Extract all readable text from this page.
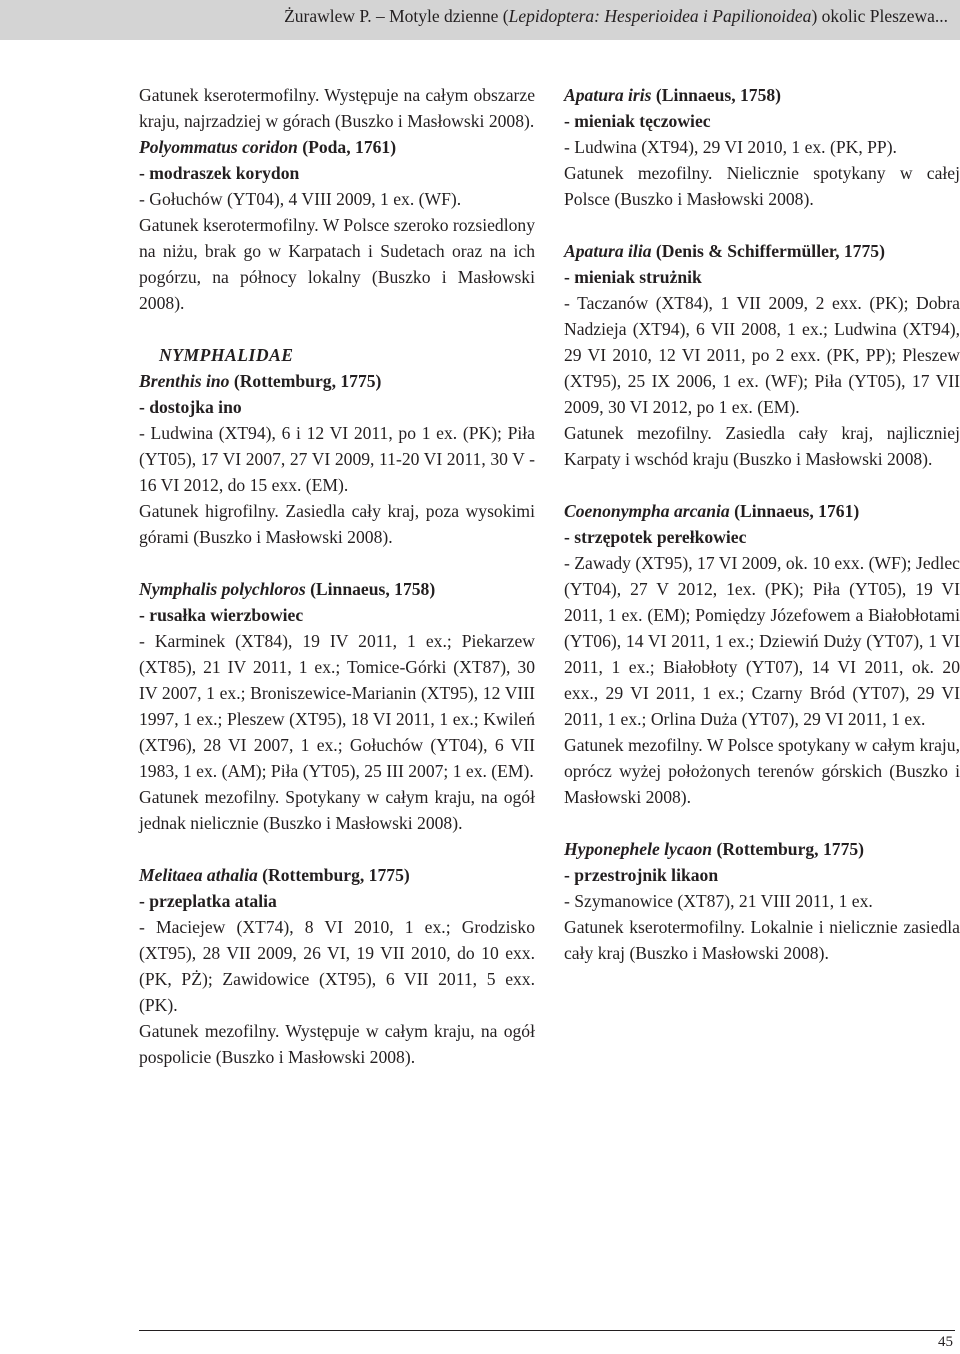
Żurawlew P. – Motyle dzienne (Lepidoptera: Hesperioidea i Papilionoidea) okolic Pleszewa...

Gatunek kserotermofilny. Występuje na całym obszarze kraju, najrzadziej w górach (Buszko i Masłowski 2008).

Polyommatus coridon (Poda, 1761)

- modraszek korydon

- Gołuchów (YT04), 4 VIII 2009, 1 ex. (WF).

Gatunek kserotermofilny. W Polsce szeroko rozsiedlony na niżu, brak go w Karpatach i Sudetach oraz na ich pogórzu, na północy lokalny (Buszko i Masłowski 2008).

NYMPHALIDAE

Brenthis ino (Rottemburg, 1775)

- dostojka ino

- Ludwina (XT94), 6 i 12 VI 2011, po 1 ex. (PK); Piła (YT05), 17 VI 2007, 27 VI 2009, 11-20 VI 2011, 30 V - 16 VI 2012, do 15 exx. (EM).

Gatunek higrofilny. Zasiedla cały kraj, poza wysokimi górami (Buszko i Masłowski 2008).

Nymphalis polychloros (Linnaeus, 1758)

- rusałka wierzbowiec

- Karminek (XT84), 19 IV 2011, 1 ex.; Piekarzew (XT85), 21 IV 2011, 1 ex.; Tomice-Górki (XT87), 30 IV 2007, 1 ex.; Broniszewice-Marianin (XT95), 12 VIII 1997, 1 ex.; Pleszew (XT95), 18 VI 2011, 1 ex.; Kwileń (XT96), 28 VI 2007, 1 ex.; Gołuchów (YT04), 6 VII 1983, 1 ex. (AM); Piła (YT05), 25 III 2007; 1 ex. (EM).

Gatunek mezofilny. Spotykany w całym kraju, na ogół jednak nielicznie (Buszko i Masłowski 2008).

Melitaea athalia (Rottemburg, 1775)

- przeplatka atalia

- Maciejew (XT74), 8 VI 2010, 1 ex.; Grodzisko (XT95), 28 VII 2009, 26 VI, 19 VII 2010, do 10 exx. (PK, PŻ); Zawidowice (XT95), 6 VII 2011, 5 exx. (PK).

Gatunek mezofilny. Występuje w całym kraju, na ogół pospolicie (Buszko i Masłowski 2008).

Apatura iris (Linnaeus, 1758)

- mieniak tęczowiec

- Ludwina (XT94), 29 VI 2010, 1 ex. (PK, PP).

Gatunek mezofilny. Nielicznie spotykany w całej Polsce (Buszko i Masłowski 2008).

Apatura ilia (Denis & Schiffermüller, 1775)

- mieniak strużnik

- Taczanów (XT84), 1 VII 2009, 2 exx. (PK); Dobra Nadzieja (XT94), 6 VII 2008, 1 ex.; Ludwina (XT94), 29 VI 2010, 12 VI 2011, po 2 exx. (PK, PP); Pleszew (XT95), 25 IX 2006, 1 ex. (WF); Piła (YT05), 17 VII 2009, 30 VI 2012, po 1 ex. (EM).

Gatunek mezofilny. Zasiedla cały kraj, najliczniej Karpaty i wschód kraju (Buszko i Masłowski 2008).

Coenonympha arcania (Linnaeus, 1761)

- strzępotek perełkowiec

- Zawady (XT95), 17 VI 2009, ok. 10 exx. (WF); Jedlec (YT04), 27 V 2012, 1ex. (PK); Piła (YT05), 19 VI 2011, 1 ex. (EM); Pomiędzy Józefowem a Białobłotami (YT06), 14 VI 2011, 1 ex.; Dziewiń Duży (YT07), 1 VI 2011, 1 ex.; Białobłoty (YT07), 14 VI 2011, ok. 20 exx., 29 VI 2011, 1 ex.; Czarny Bród (YT07), 29 VI 2011, 1 ex.; Orlina Duża (YT07), 29 VI 2011, 1 ex.

Gatunek mezofilny. W Polsce spotykany w całym kraju, oprócz wyżej położonych terenów górskich (Buszko i Masłowski 2008).

Hyponephele lycaon (Rottemburg, 1775)

- przestrojnik likaon

- Szymanowice (XT87), 21 VIII 2011, 1 ex.

Gatunek kserotermofilny. Lokalnie i nielicznie zasiedla cały kraj (Buszko i Masłowski 2008).

45
